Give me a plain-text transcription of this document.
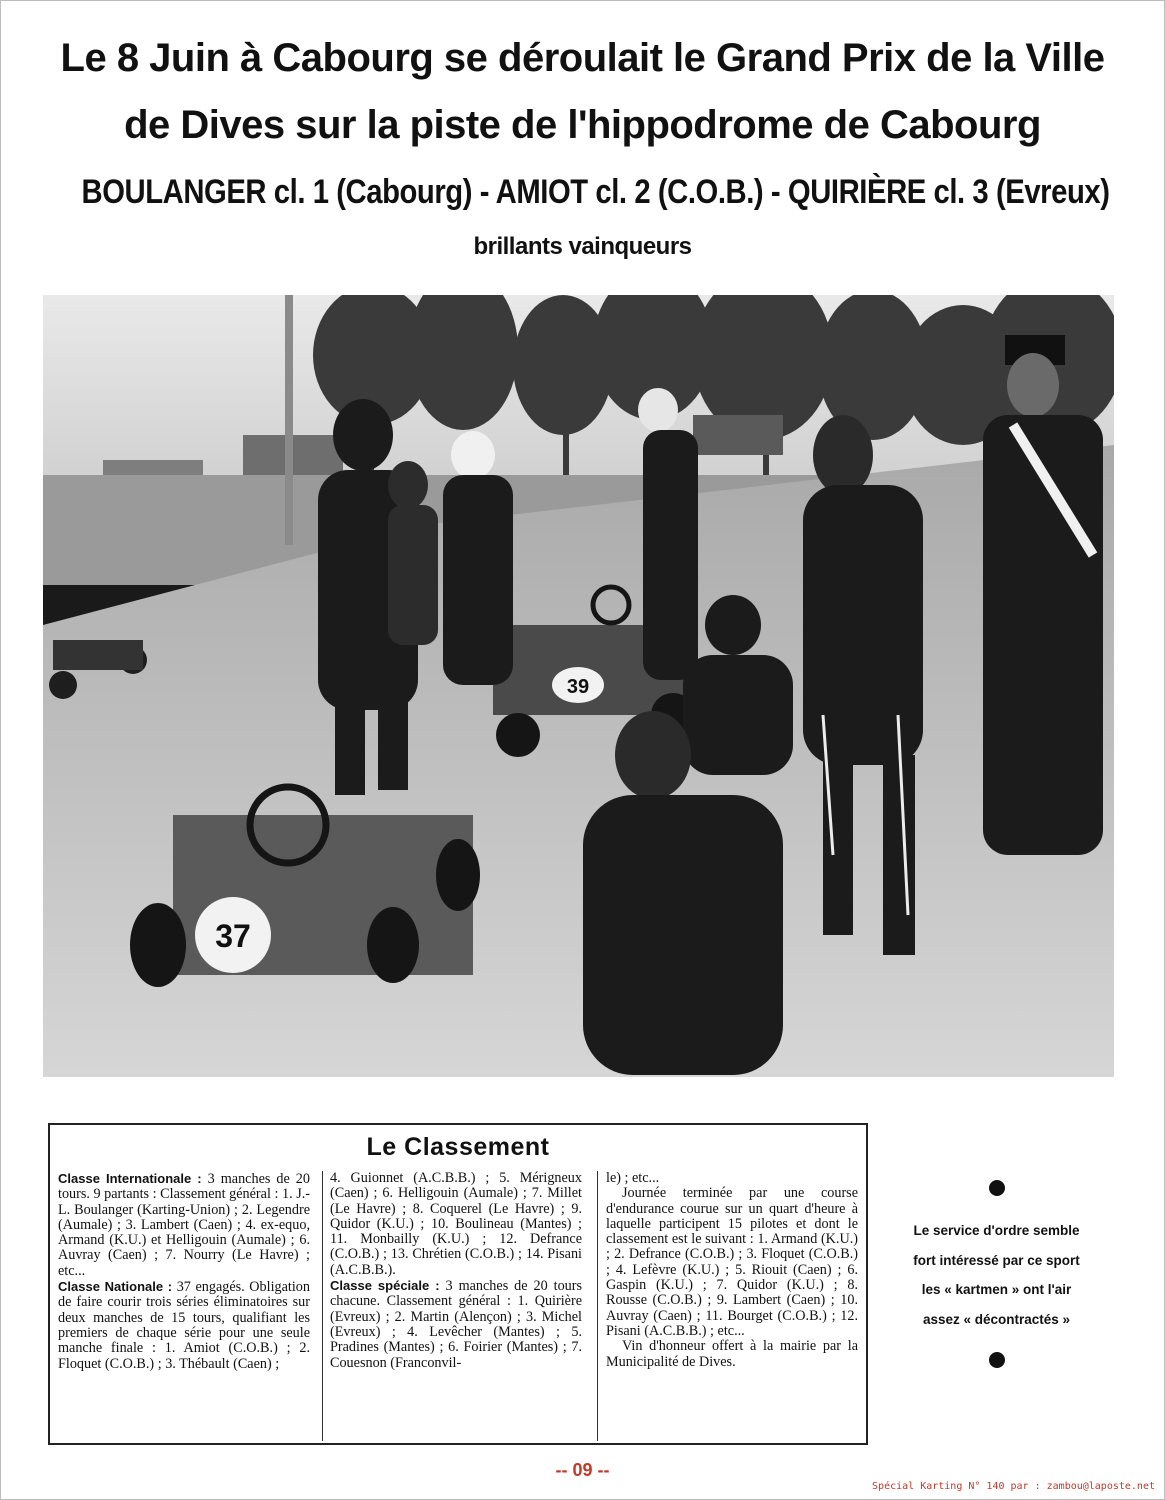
Le 8 Juin à Cabourg se déroulait le Grand Prix de la Ville
de Dives sur la piste de l'hippodrome de Cabourg
BOULANGER cl. 1 (Cabourg) - AMIOT cl. 2 (C.O.B.) - QUIRIÈRE cl. 3 (Evreux)
brillants vainqueurs
39
37
Le Classement

Classe Internationale : 3 manches de 20 tours. 9 partants : Classement général : 1. J.-L. Boulanger (Karting-Union) ; 2. Legendre (Aumale) ; 3. Lambert (Caen) ; 4. ex-equo, Armand (K.U.) et Helligouin (Aumale) ; 6. Auvray (Caen) ; 7. Nourry (Le Havre) ; etc...

Classe Nationale : 37 engagés. Obligation de faire courir trois séries éliminatoires sur deux manches de 15 tours, qualifiant les premiers de chaque série pour une seule manche finale : 1. Amiot (C.O.B.) ; 2. Floquet (C.O.B.) ; 3. Thébault (Caen) ;

4. Guionnet (A.C.B.B.) ; 5. Mérigneux (Caen) ; 6. Helligouin (Aumale) ; 7. Millet (Le Havre) ; 8. Coquerel (Le Havre) ; 9. Quidor (K.U.) ; 10. Boulineau (Mantes) ; 11. Monbailly (K.U.) ; 12. Defrance (C.O.B.) ; 13. Chrétien (C.O.B.) ; 14. Pisani (A.C.B.B.).

Classe spéciale : 3 manches de 20 tours chacune. Classement général : 1. Quirière (Evreux) ; 2. Martin (Alençon) ; 3. Michel (Evreux) ; 4. Levêcher (Mantes) ; 5. Pradines (Mantes) ; 6. Foirier (Mantes) ; 7. Couesnon (Franconvil-

le) ; etc...

Journée terminée par une course d'endurance courue sur un quart d'heure à laquelle participent 15 pilotes et dont le classement est le suivant : 1. Armand (K.U.) ; 2. Defrance (C.O.B.) ; 3. Floquet (C.O.B.) ; 4. Lefèvre (K.U.) ; 5. Riouit (Caen) ; 6. Gaspin (K.U.) ; 7. Quidor (K.U.) ; 8. Rousse (C.O.B.) ; 9. Lambert (Caen) ; 10. Auvray (Caen) ; 11. Bourget (C.O.B.) ; 12. Pisani (A.C.B.B.) ; etc...

Vin d'honneur offert à la mairie par la Municipalité de Dives.

Le service d'ordre semble
fort intéressé par ce sport
les « kartmen » ont l'air
assez « décontractés »
-- 09 --
Spécial Karting N° 140 par : zambou@laposte.net
